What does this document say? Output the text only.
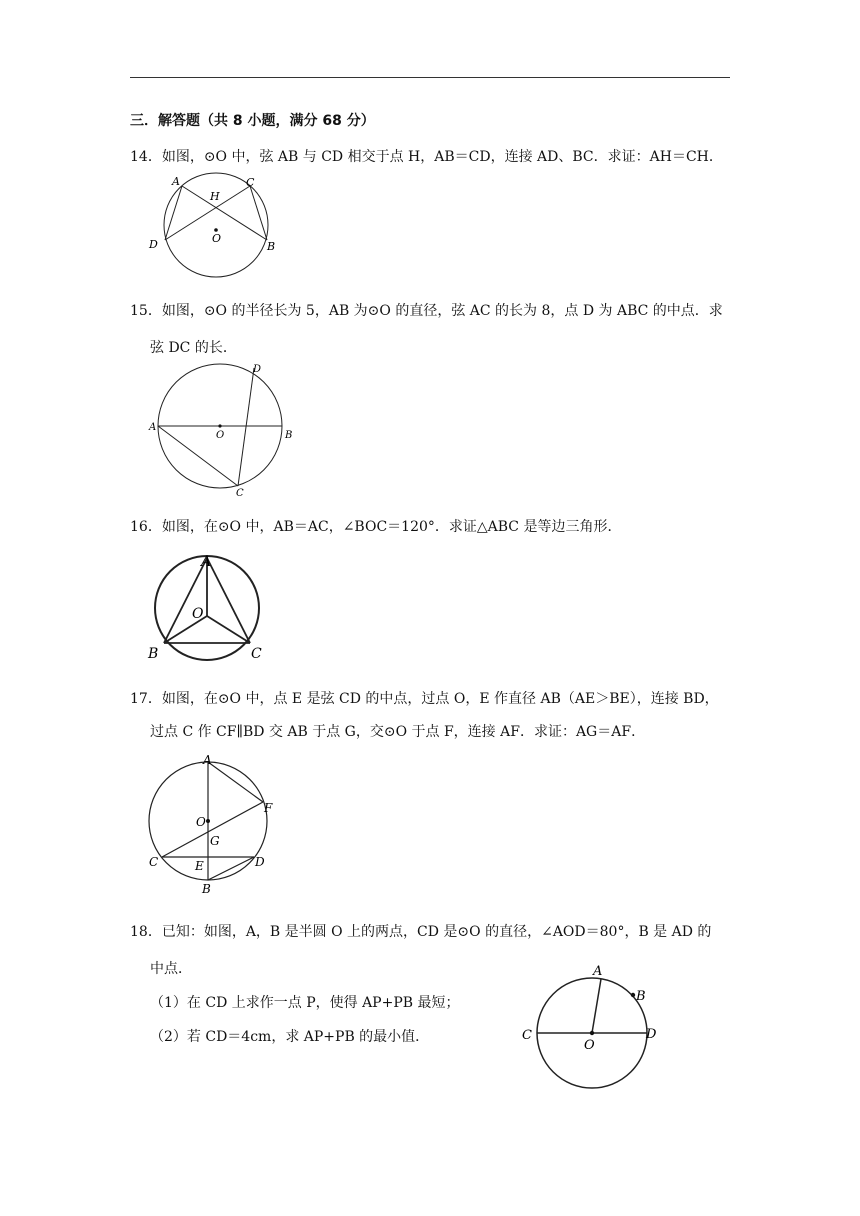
三．解答题（共 8 小题，满分 68 分）
14．如图，⊙O 中，弦 AB 与 CD 相交于点 H，AB＝CD，连接 AD、BC．求证：AH＝CH．
A	C
H
O
D	B
15．如图，⊙O 的半径长为 5，AB 为⊙O 的直径，弦 AC 的长为 8，点 D 为 ABC 的中点．求
弦 DC 的长．
D
A
O	B
C
16．如图，在⊙O 中，AB＝AC，∠BOC＝120°．求证△ABC 是等边三角形．
A
O
B	C
17．如图，在⊙O 中，点 E 是弦 CD 的中点，过点 O，E 作直径 AB（AE＞BE），连接 BD，
过点 C 作 CF∥BD 交 AB 于点 G，交⊙O 于点 F，连接 AF．求证：AG＝AF．
A
F
O
G
C	E	D
B
18．已知：如图，A，B 是半圆 O 上的两点，CD 是⊙O 的直径，∠AOD＝80°，B 是 AD 的
中点．
（1）在 CD 上求作一点 P，使得 AP+PB 最短；
（2）若 CD＝4cm，求 AP+PB 的最小值．
A
B
C
O
D
